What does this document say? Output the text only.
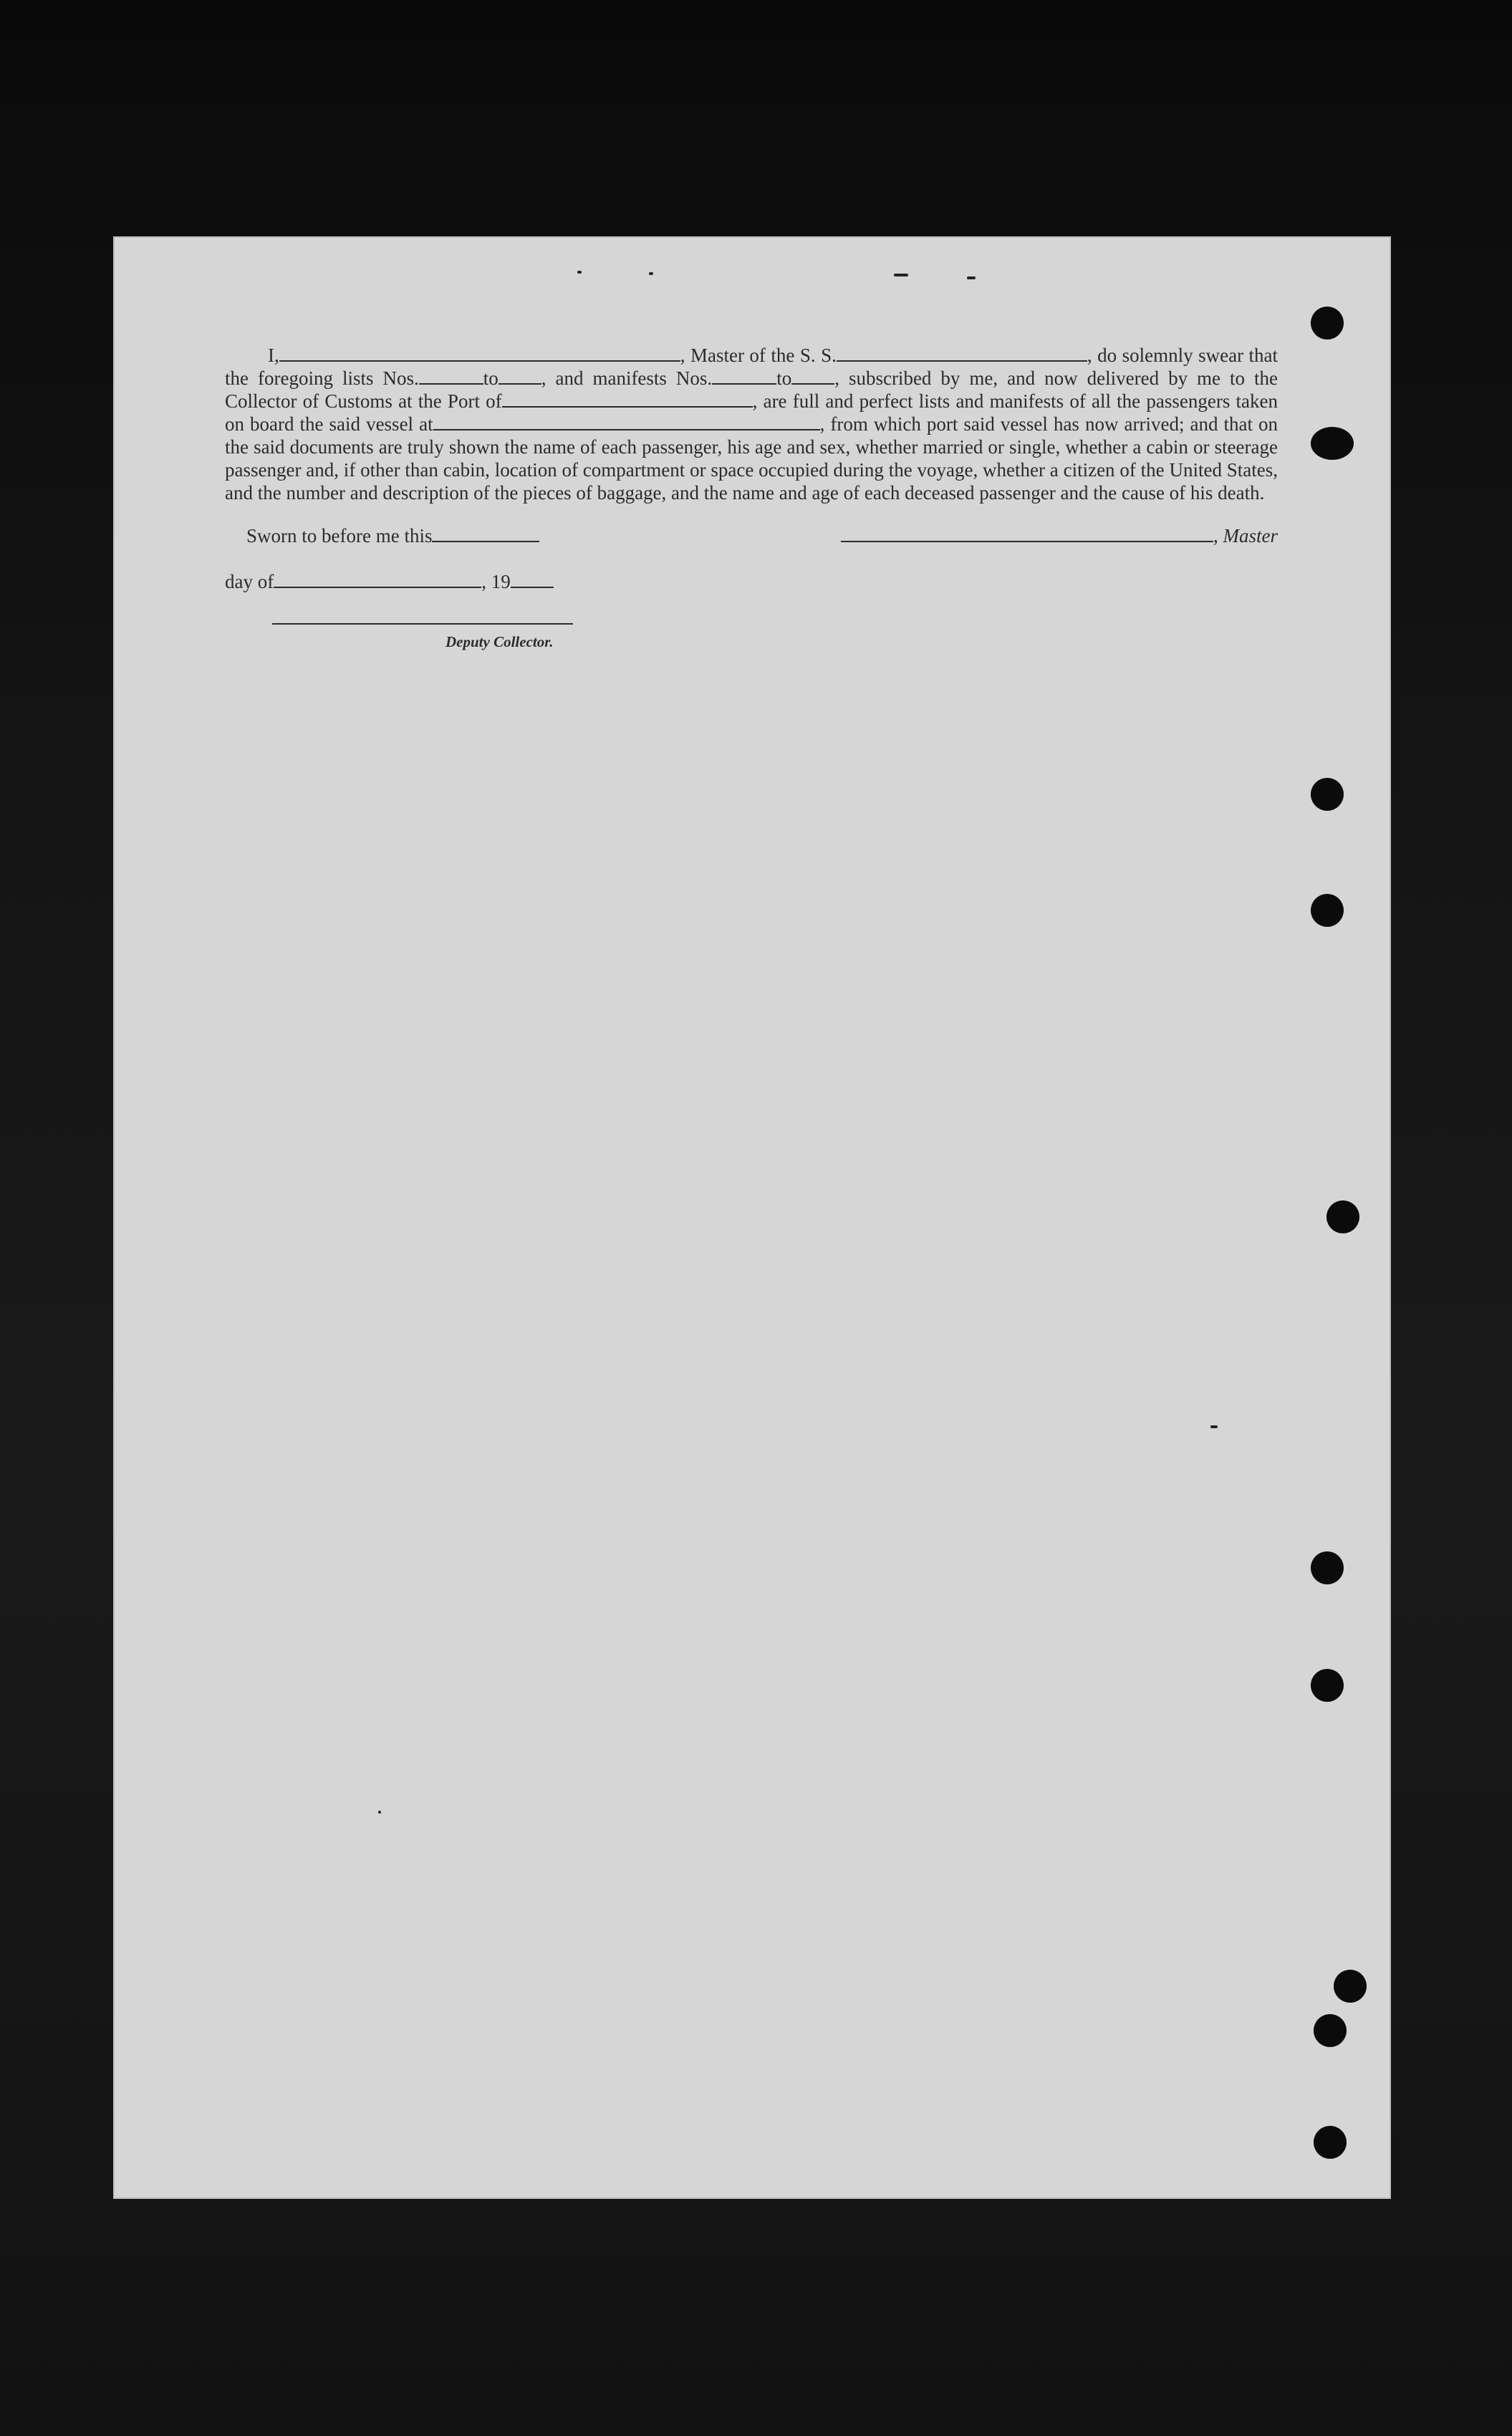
I,	, Master of the S. S.	, do solemnly swear that the foregoing lists Nos.	to , and manifests Nos.	to , subscribed by me, and now delivered by me to the Collector of Customs at the Port of	, are full and perfect lists and manifests of all the passengers taken on board the said vessel at	, from which port said vessel has now arrived; and that on the said documents are truly shown the name of each passenger, his age and sex, whether married or single, whether a cabin or steerage passenger and, if other than cabin, location of compartment or space occupied during the voyage, whether a citizen of the United States, and the number and description of the pieces of baggage, and the name and age of each deceased passenger and the cause of his death.

Sworn to before me this	, Master
day of	, 19
Deputy Collector.
